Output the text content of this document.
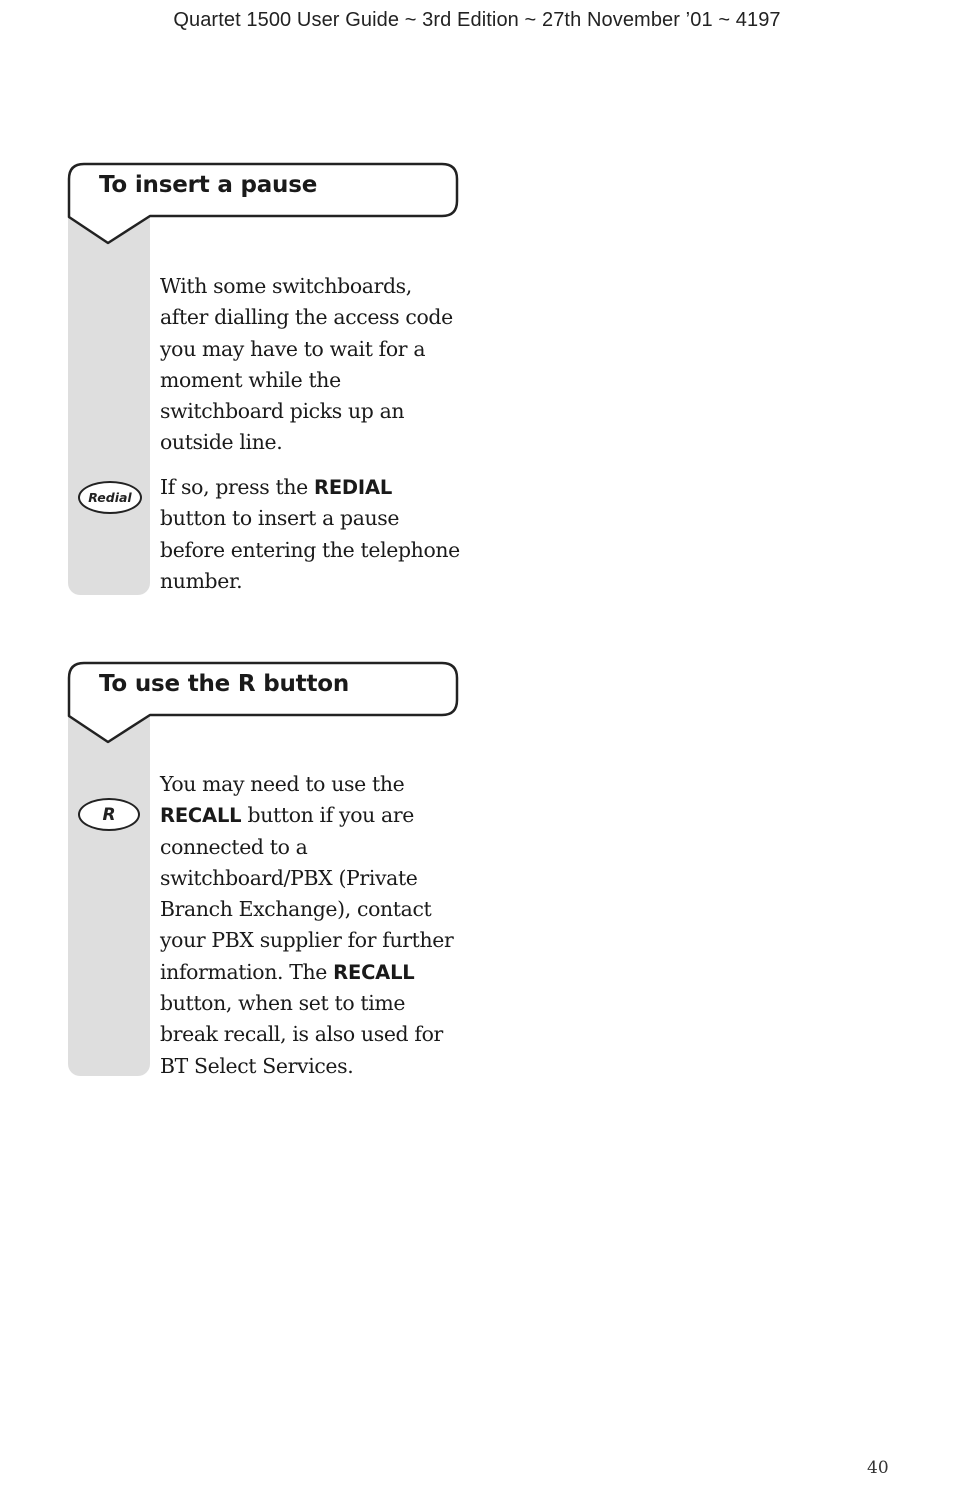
Quartet 1500 User Guide ~ 3rd Edition ~ 27th November ’01 ~ 4197
To insert a pause

With some switchboards, after dialling the access code you may have to wait for a moment while the switchboard picks up an outside line.

Redial If so, press the REDIAL button to insert a pause before entering the telephone number.

To use the R button
R

You may need to use the RECALL button if you are connected to a switchboard/PBX (Private Branch Exchange), contact your PBX supplier for further information. The RECALL button, when set to time break recall, is also used for BT Select Services.

40
